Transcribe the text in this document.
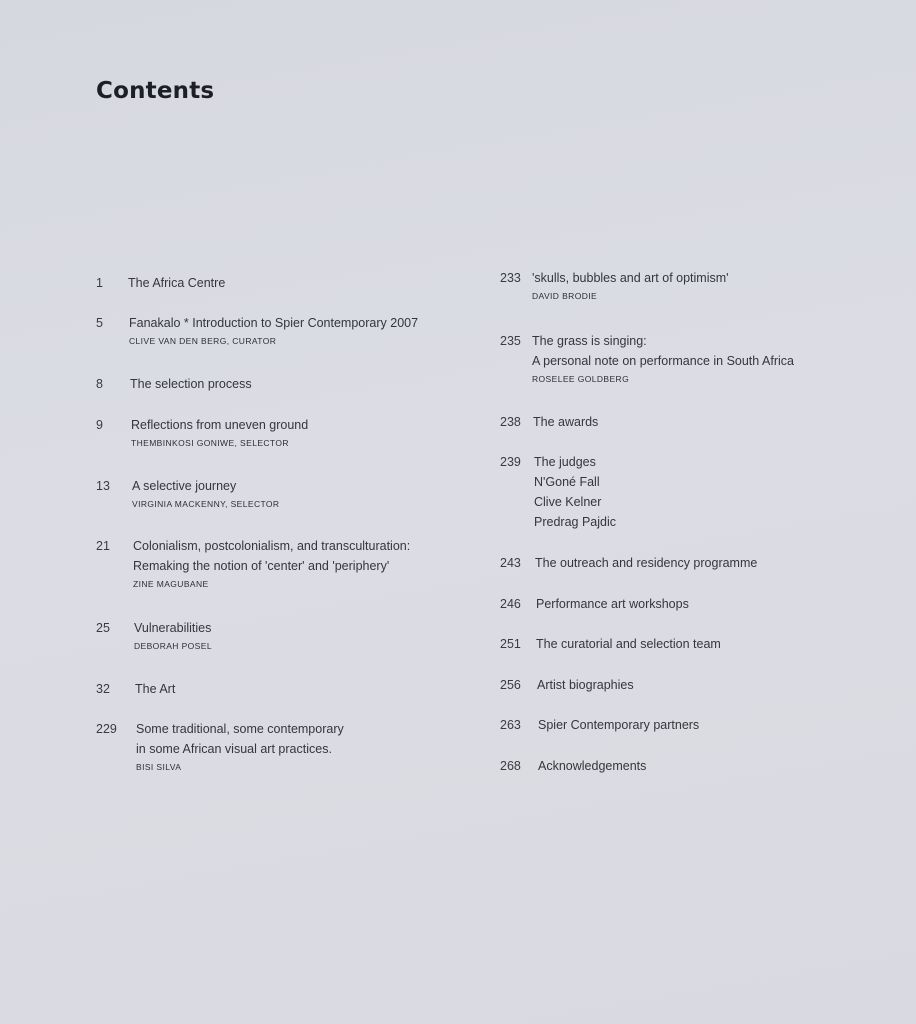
Contents
1 The Africa Centre
5 Fanakalo * Introduction to Spier Contemporary 2007
CLIVE VAN DEN BERG, CURATOR
8 The selection process
9 Reflections from uneven ground
THEMBINKOSI GONIWE, SELECTOR
13 A selective journey
VIRGINIA MACKENNY, SELECTOR
21 Colonialism, postcolonialism, and transculturation:
Remaking the notion of 'center' and 'periphery'
ZINE MAGUBANE
25 Vulnerabilities
DEBORAH POSEL
32 The Art
229 Some traditional, some contemporary
in some African visual art practices.
BISI SILVA
233 'skulls, bubbles and art of optimism'
DAVID BRODIE
235 The grass is singing:
A personal note on performance in South Africa
ROSELEE GOLDBERG
238 The awards
239 The judges
N'Goné Fall
Clive Kelner
Predrag Pajdic
243 The outreach and residency programme
246 Performance art workshops
251 The curatorial and selection team
256 Artist biographies
263 Spier Contemporary partners
268 Acknowledgements
